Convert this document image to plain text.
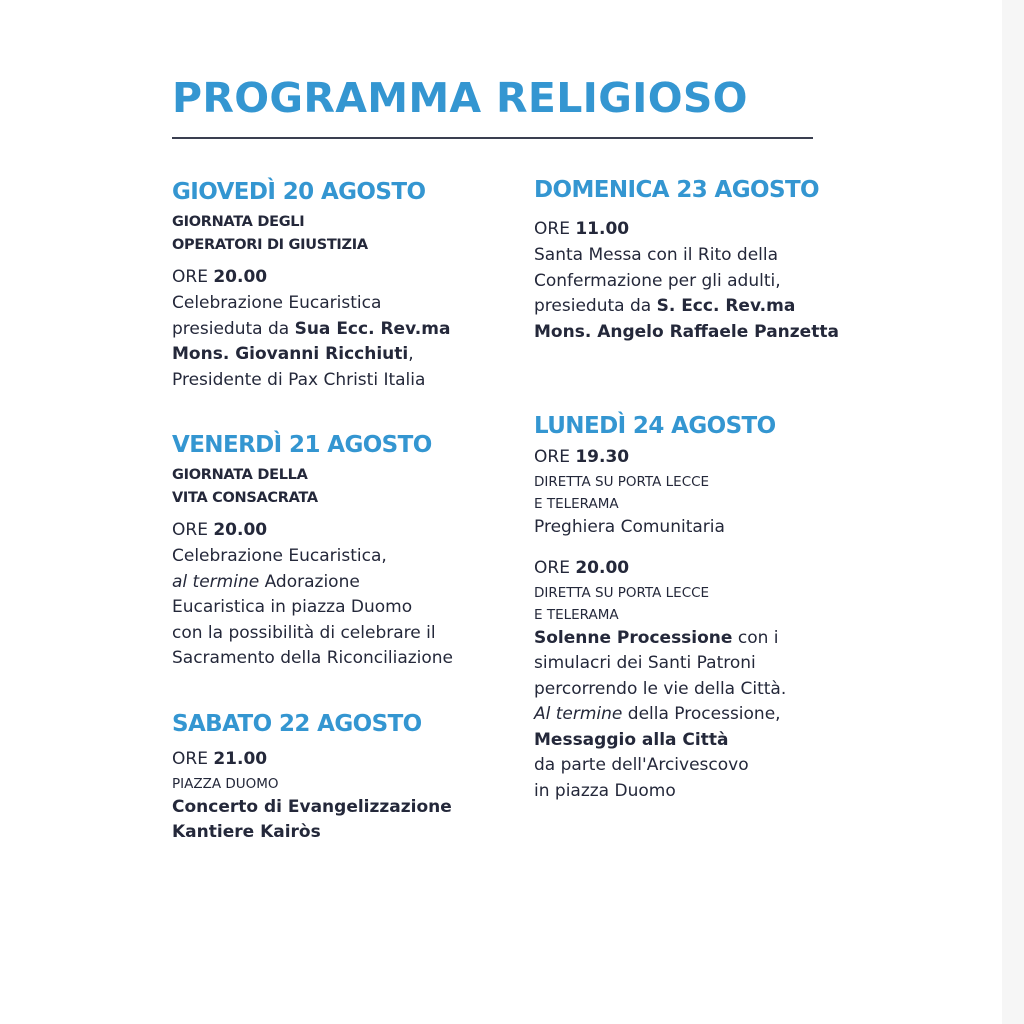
PROGRAMMA RELIGIOSO
GIOVEDÌ 20 AGOSTO
GIORNATA DEGLI
OPERATORI DI GIUSTIZIA
ORE 20.00
Celebrazione Eucaristica
presieduta da Sua Ecc. Rev.ma
Mons. Giovanni Ricchiuti,
Presidente di Pax Christi Italia
VENERDÌ 21 AGOSTO
GIORNATA DELLA
VITA CONSACRATA
ORE 20.00
Celebrazione Eucaristica,
al termine Adorazione
Eucaristica in piazza Duomo
con la possibilità di celebrare il
Sacramento della Riconciliazione
SABATO 22 AGOSTO
ORE 21.00
PIAZZA DUOMO
Concerto di Evangelizzazione
Kantiere Kairòs
DOMENICA 23 AGOSTO
ORE 11.00
Santa Messa con il Rito della
Confermazione per gli adulti,
presieduta da S. Ecc. Rev.ma
Mons. Angelo Raffaele Panzetta
LUNEDÌ 24 AGOSTO
ORE 19.30
DIRETTA SU PORTA LECCE
E TELERAMA
Preghiera Comunitaria
ORE 20.00
DIRETTA SU PORTA LECCE
E TELERAMA
Solenne Processione con i
simulacri dei Santi Patroni
percorrendo le vie della Città.
Al termine della Processione,
Messaggio alla Città
da parte dell'Arcivescovo
in piazza Duomo
